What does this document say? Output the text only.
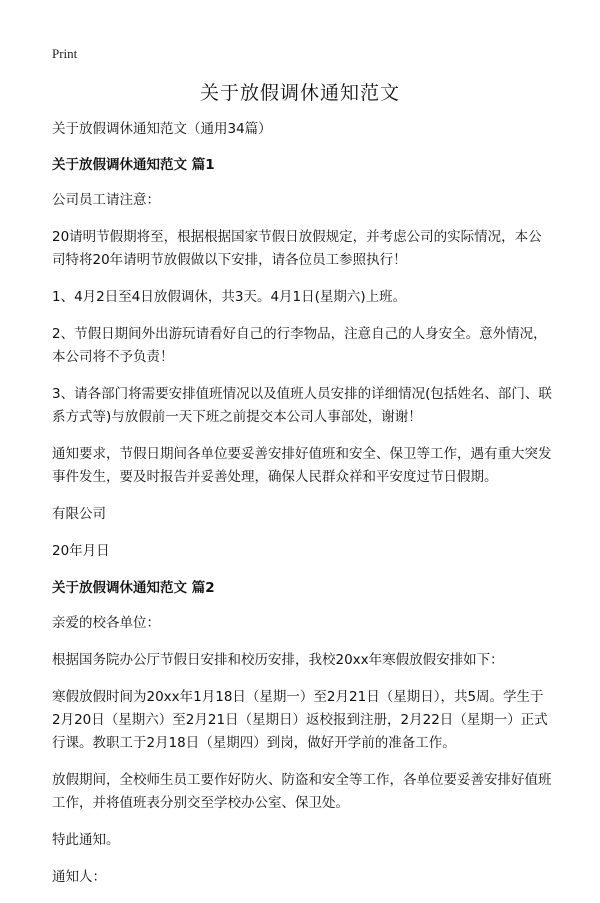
Print
关于放假调休通知范文

关于放假调休通知范文（通用34篇）

关于放假调休通知范文 篇1

公司员工请注意：

20请明节假期将至，根据根据国家节假日放假规定，并考虑公司的实际情况，本公司特将20年请明节放假做以下安排，请各位员工参照执行！

1、4月2日至4日放假调休，共3天。4月1日(星期六)上班。

2、节假日期间外出游玩请看好自己的行李物品，注意自己的人身安全。意外情况，本公司将不予负责！

3、请各部门将需要安排值班情况以及值班人员安排的详细情况(包括姓名、部门、联系方式等)与放假前一天下班之前提交本公司人事部处，谢谢！

通知要求，节假日期间各单位要妥善安排好值班和安全、保卫等工作，遇有重大突发事件发生，要及时报告并妥善处理，确保人民群众祥和平安度过节日假期。

有限公司

20年月日

关于放假调休通知范文 篇2

亲爱的校各单位：

根据国务院办公厅节假日安排和校历安排，我校20xx年寒假放假安排如下：

寒假放假时间为20xx年1月18日（星期一）至2月21日（星期日），共5周。学生于2月20日（星期六）至2月21日（星期日）返校报到注册，2月22日（星期一）正式行课。教职工于2月18日（星期四）到岗，做好开学前的准备工作。

放假期间，全校师生员工要作好防火、防盗和安全等工作，各单位要妥善安排好值班工作，并将值班表分别交至学校办公室、保卫处。

特此通知。

通知人：
